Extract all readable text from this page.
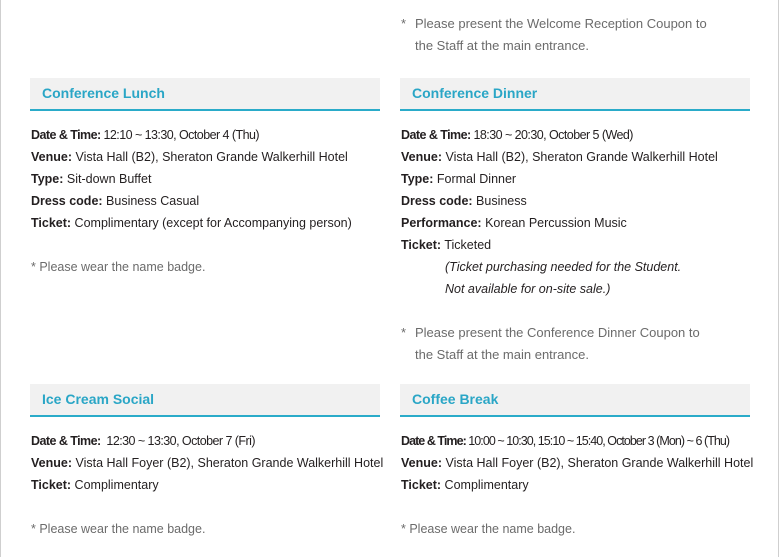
* Please present the Welcome Reception Coupon to
the Staff at the main entrance.
Conference Lunch
Date & Time: 12:10 ~ 13:30, October 4 (Thu)
Venue: Vista Hall (B2), Sheraton Grande Walkerhill Hotel
Type: Sit-down Buffet
Dress code: Business Casual
Ticket: Complimentary (except for Accompanying person)
* Please wear the name badge.
Conference Dinner
Date & Time: 18:30 ~ 20:30, October 5 (Wed)
Venue: Vista Hall (B2), Sheraton Grande Walkerhill Hotel
Type: Formal Dinner
Dress code: Business
Performance: Korean Percussion Music
Ticket: Ticketed
(Ticket purchasing needed for the Student.
Not available for on-site sale.)
* Please present the Conference Dinner Coupon to
the Staff at the main entrance.
Ice Cream Social
Date & Time:  12:30 ~ 13:30, October 7 (Fri)
Venue: Vista Hall Foyer (B2), Sheraton Grande Walkerhill Hotel
Ticket: Complimentary
* Please wear the name badge.
Coffee Break
Date & Time: 10:00 ~ 10:30, 15:10 ~ 15:40, October 3 (Mon) ~ 6 (Thu)
Venue: Vista Hall Foyer (B2), Sheraton Grande Walkerhill Hotel
Ticket: Complimentary
* Please wear the name badge.
